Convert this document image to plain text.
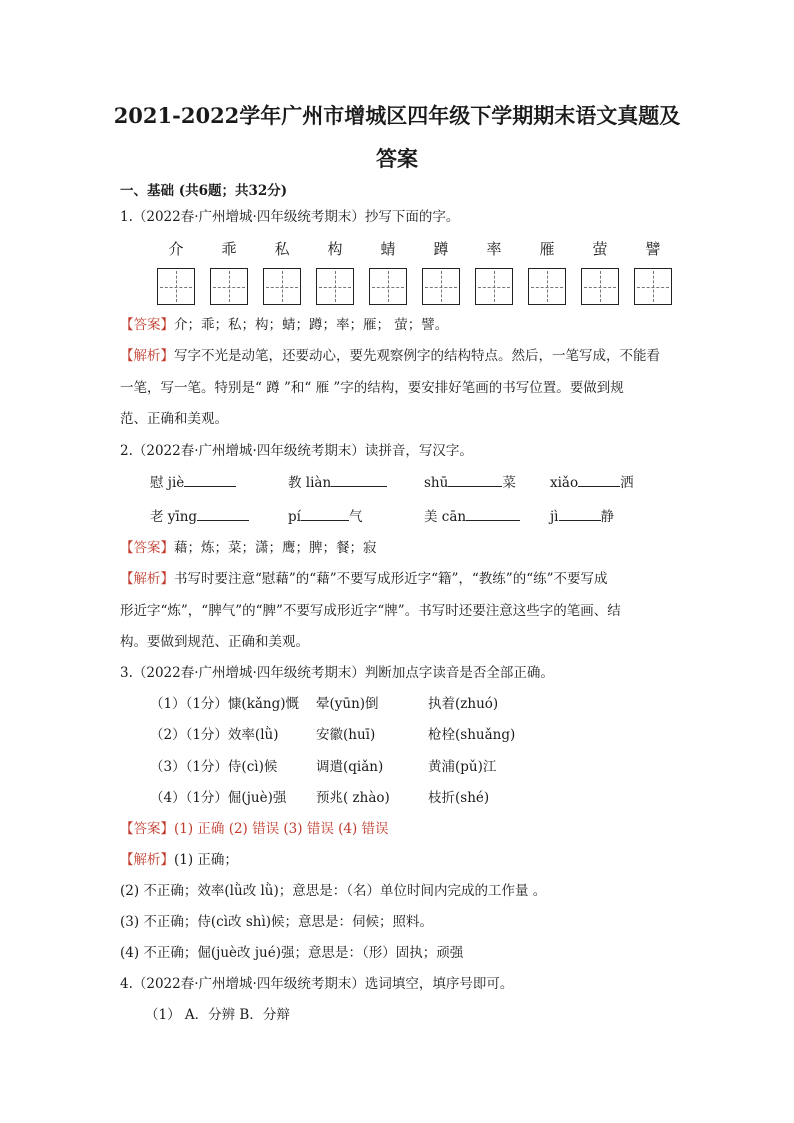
2021-2022学年广州市增城区四年级下学期期末语文真题及
答案
一、基础 (共6题；共32分)
1.（2022春·广州增城·四年级统考期末）抄写下面的字。
介	乖	私	构	蜻	蹲	率	雁	萤	譬
【答案】介；乖；私；构；蜻；蹲；率；雁； 萤；譬。
【解析】写字不光是动笔，还要动心，要先观察例字的结构特点。然后，一笔写成，不能看
一笔，写一笔。特别是“ 蹲 ”和“ 雁 ”字的结构，要安排好笔画的书写位置。要做到规
范、正确和美观。
2.（2022春·广州增城·四年级统考期末）读拼音，写汉字。
慰 jiè	教 liàn	shū	菜	xiǎo	洒
老 yīng	pí	气	美 cān	jì	静
【答案】藉；炼；菜；潇；鹰；脾；餐；寂
【解析】书写时要注意“慰藉”的“藉”不要写成形近字“籍”，“教练”的“练”不要写成
形近字“炼”，“脾气”的“脾”不要写成形近字“牌”。书写时还要注意这些字的笔画、结
构。要做到规范、正确和美观。
3.（2022春·广州增城·四年级统考期末）判断加点字读音是否全部正确。
（1）（1分）慷(kǎng)慨 晕(yūn)倒	执着(zhuó)
（2）（1分）效率(lǜ)	安徽(huī)	枪栓(shuǎng)
（3）（1分）侍(cì)候	调遣(qiǎn)	黄浦(pǔ)江
（4）（1分）倔(juè)强 预兆( zhào)	枝折(shé)
【答案】(1) 正确 (2) 错误 (3) 错误 (4) 错误
【解析】(1) 正确；
(2) 不正确；效率(lǜ改 lǜ)；意思是：（名）单位时间内完成的工作量 。
(3) 不正确；侍(cì改 shì)候；意思是：伺候；照料。
(4) 不正确；倔(juè改 jué)强；意思是：（形）固执；顽强
4.（2022春·广州增城·四年级统考期末）选词填空，填序号即可。
（1） A．分辨 B．分辩
